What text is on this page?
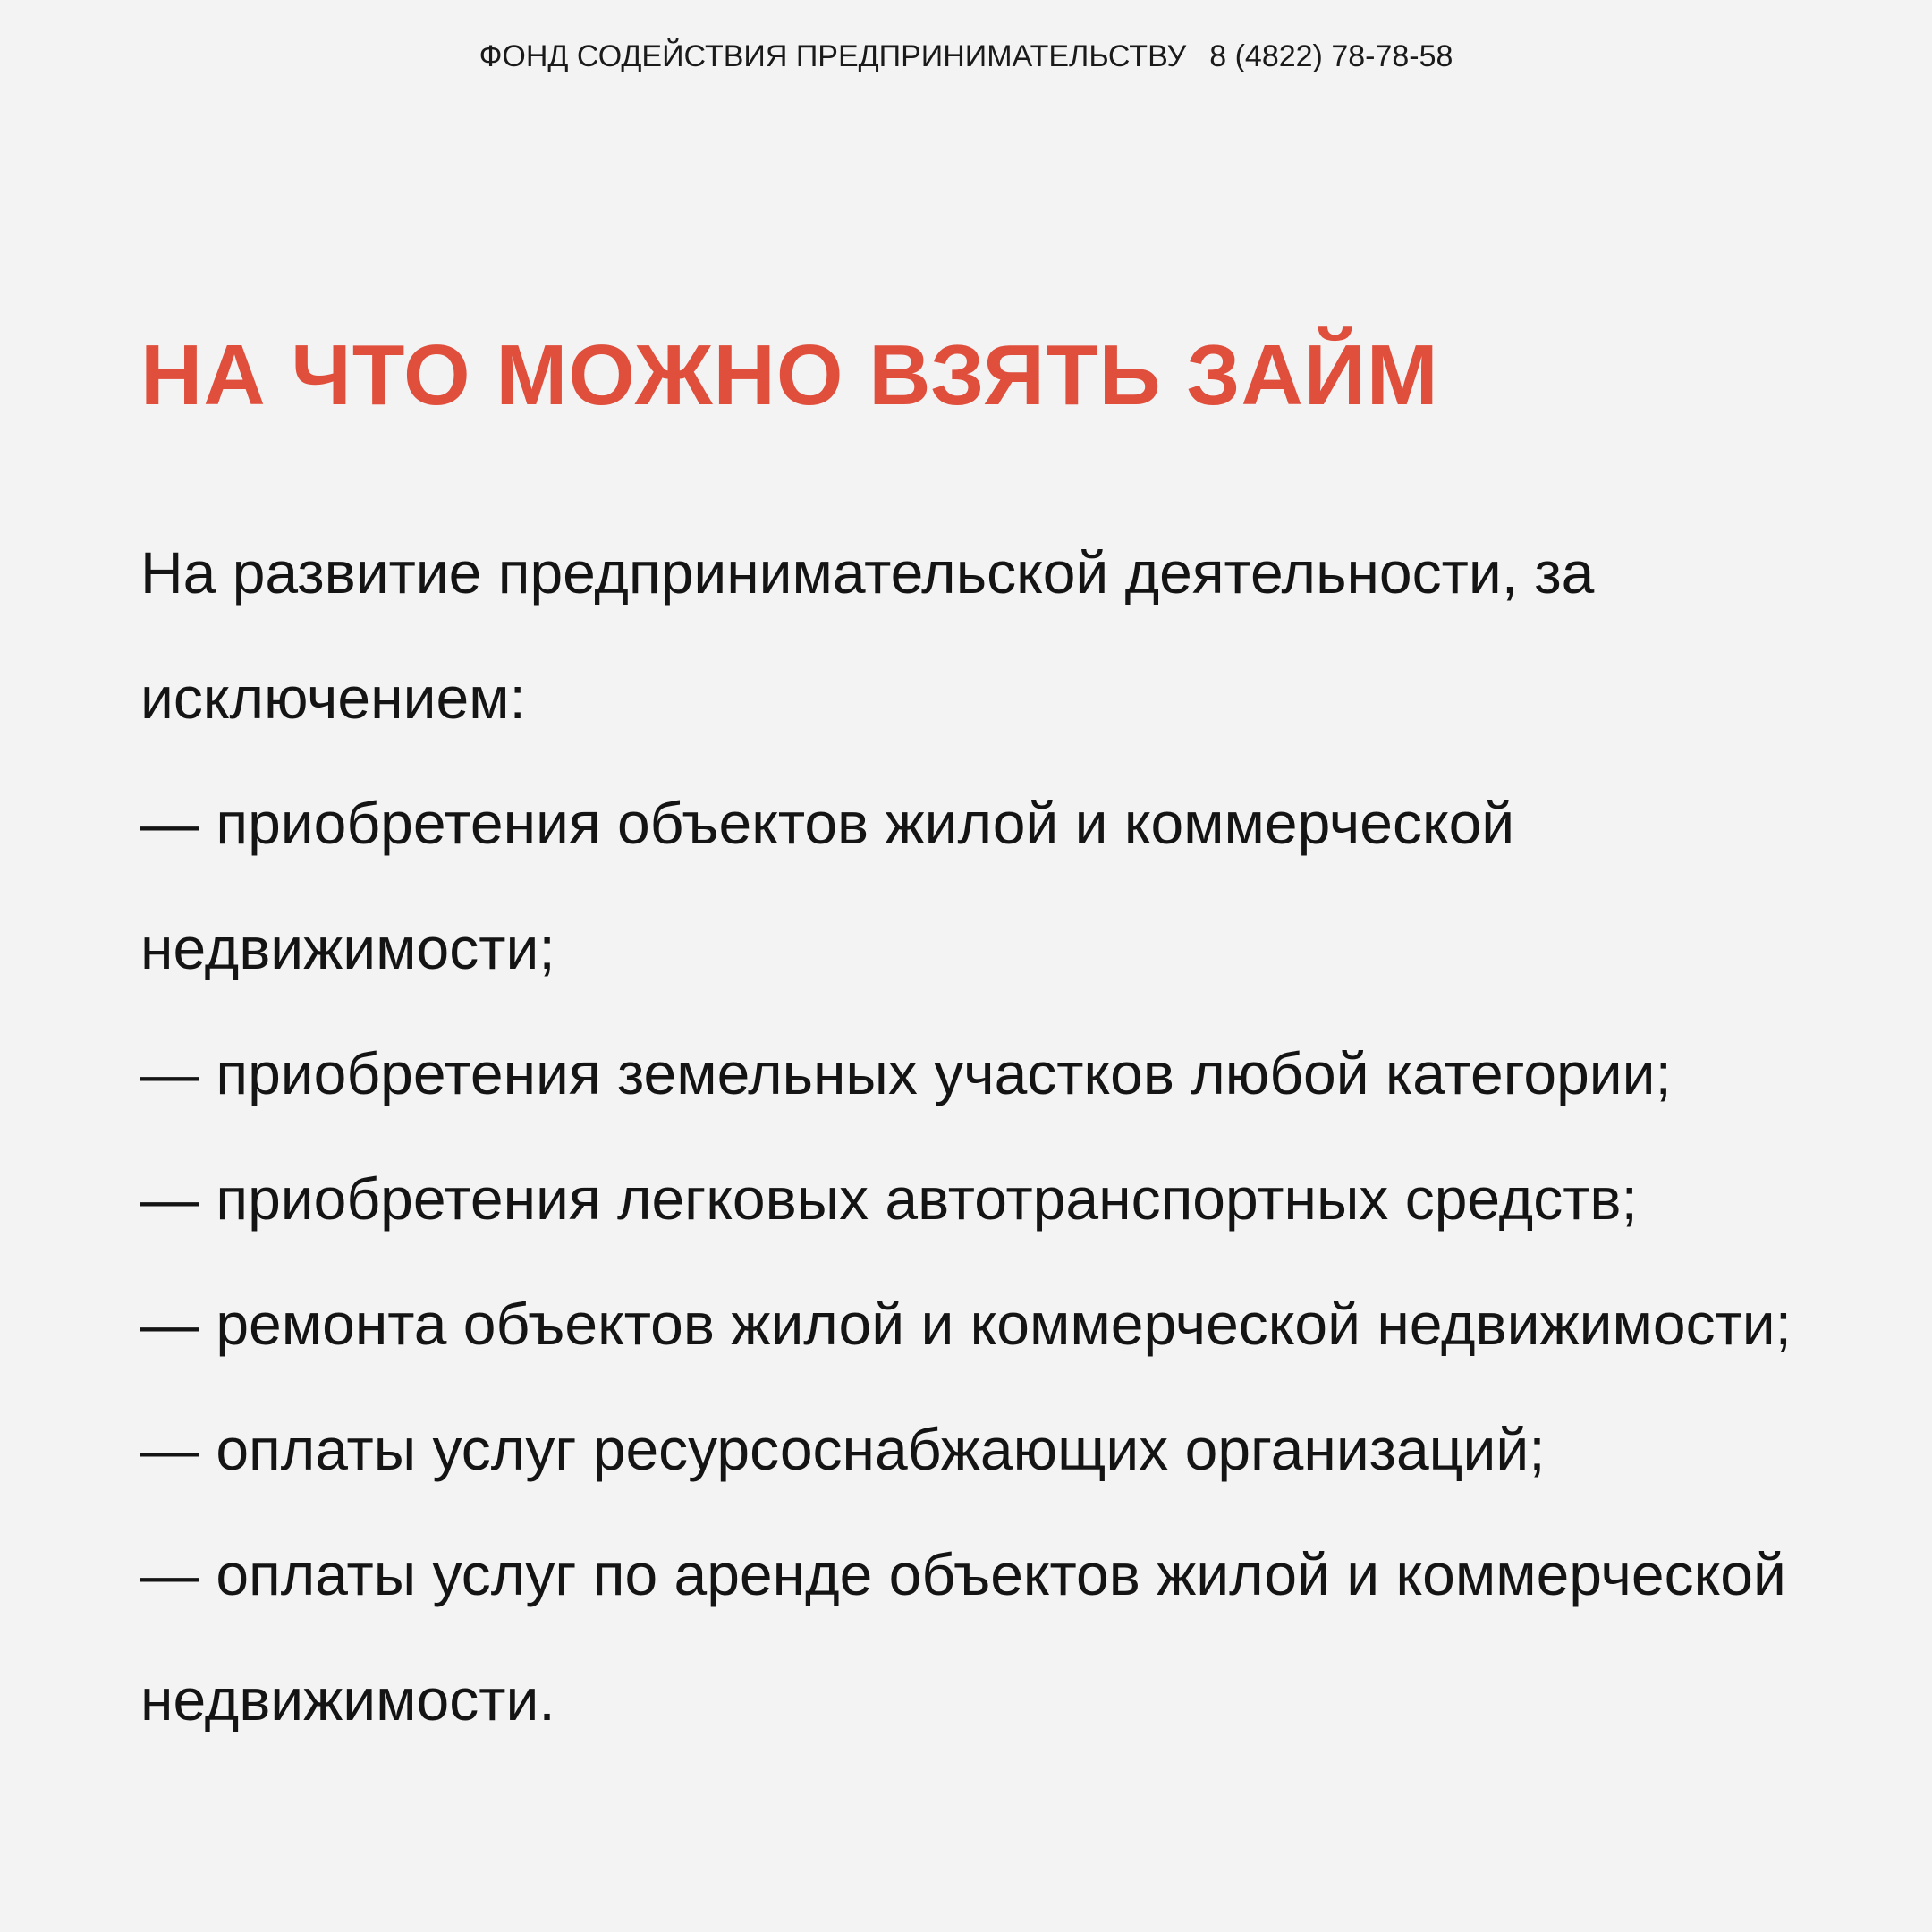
ФОНД СОДЕЙСТВИЯ ПРЕДПРИНИМАТЕЛЬСТВУ 8 (4822) 78-78-58
НА ЧТО МОЖНО ВЗЯТЬ ЗАЙМ
На развитие предпринимательской деятельности, за
исключением:
— приобретения объектов жилой и коммерческой
недвижимости;
— приобретения земельных участков любой категории;
— приобретения легковых автотранспортных средств;
— ремонта объектов жилой и коммерческой недвижимости;
— оплаты услуг ресурсоснабжающих организаций;
— оплаты услуг по аренде объектов жилой и коммерческой
недвижимости.
